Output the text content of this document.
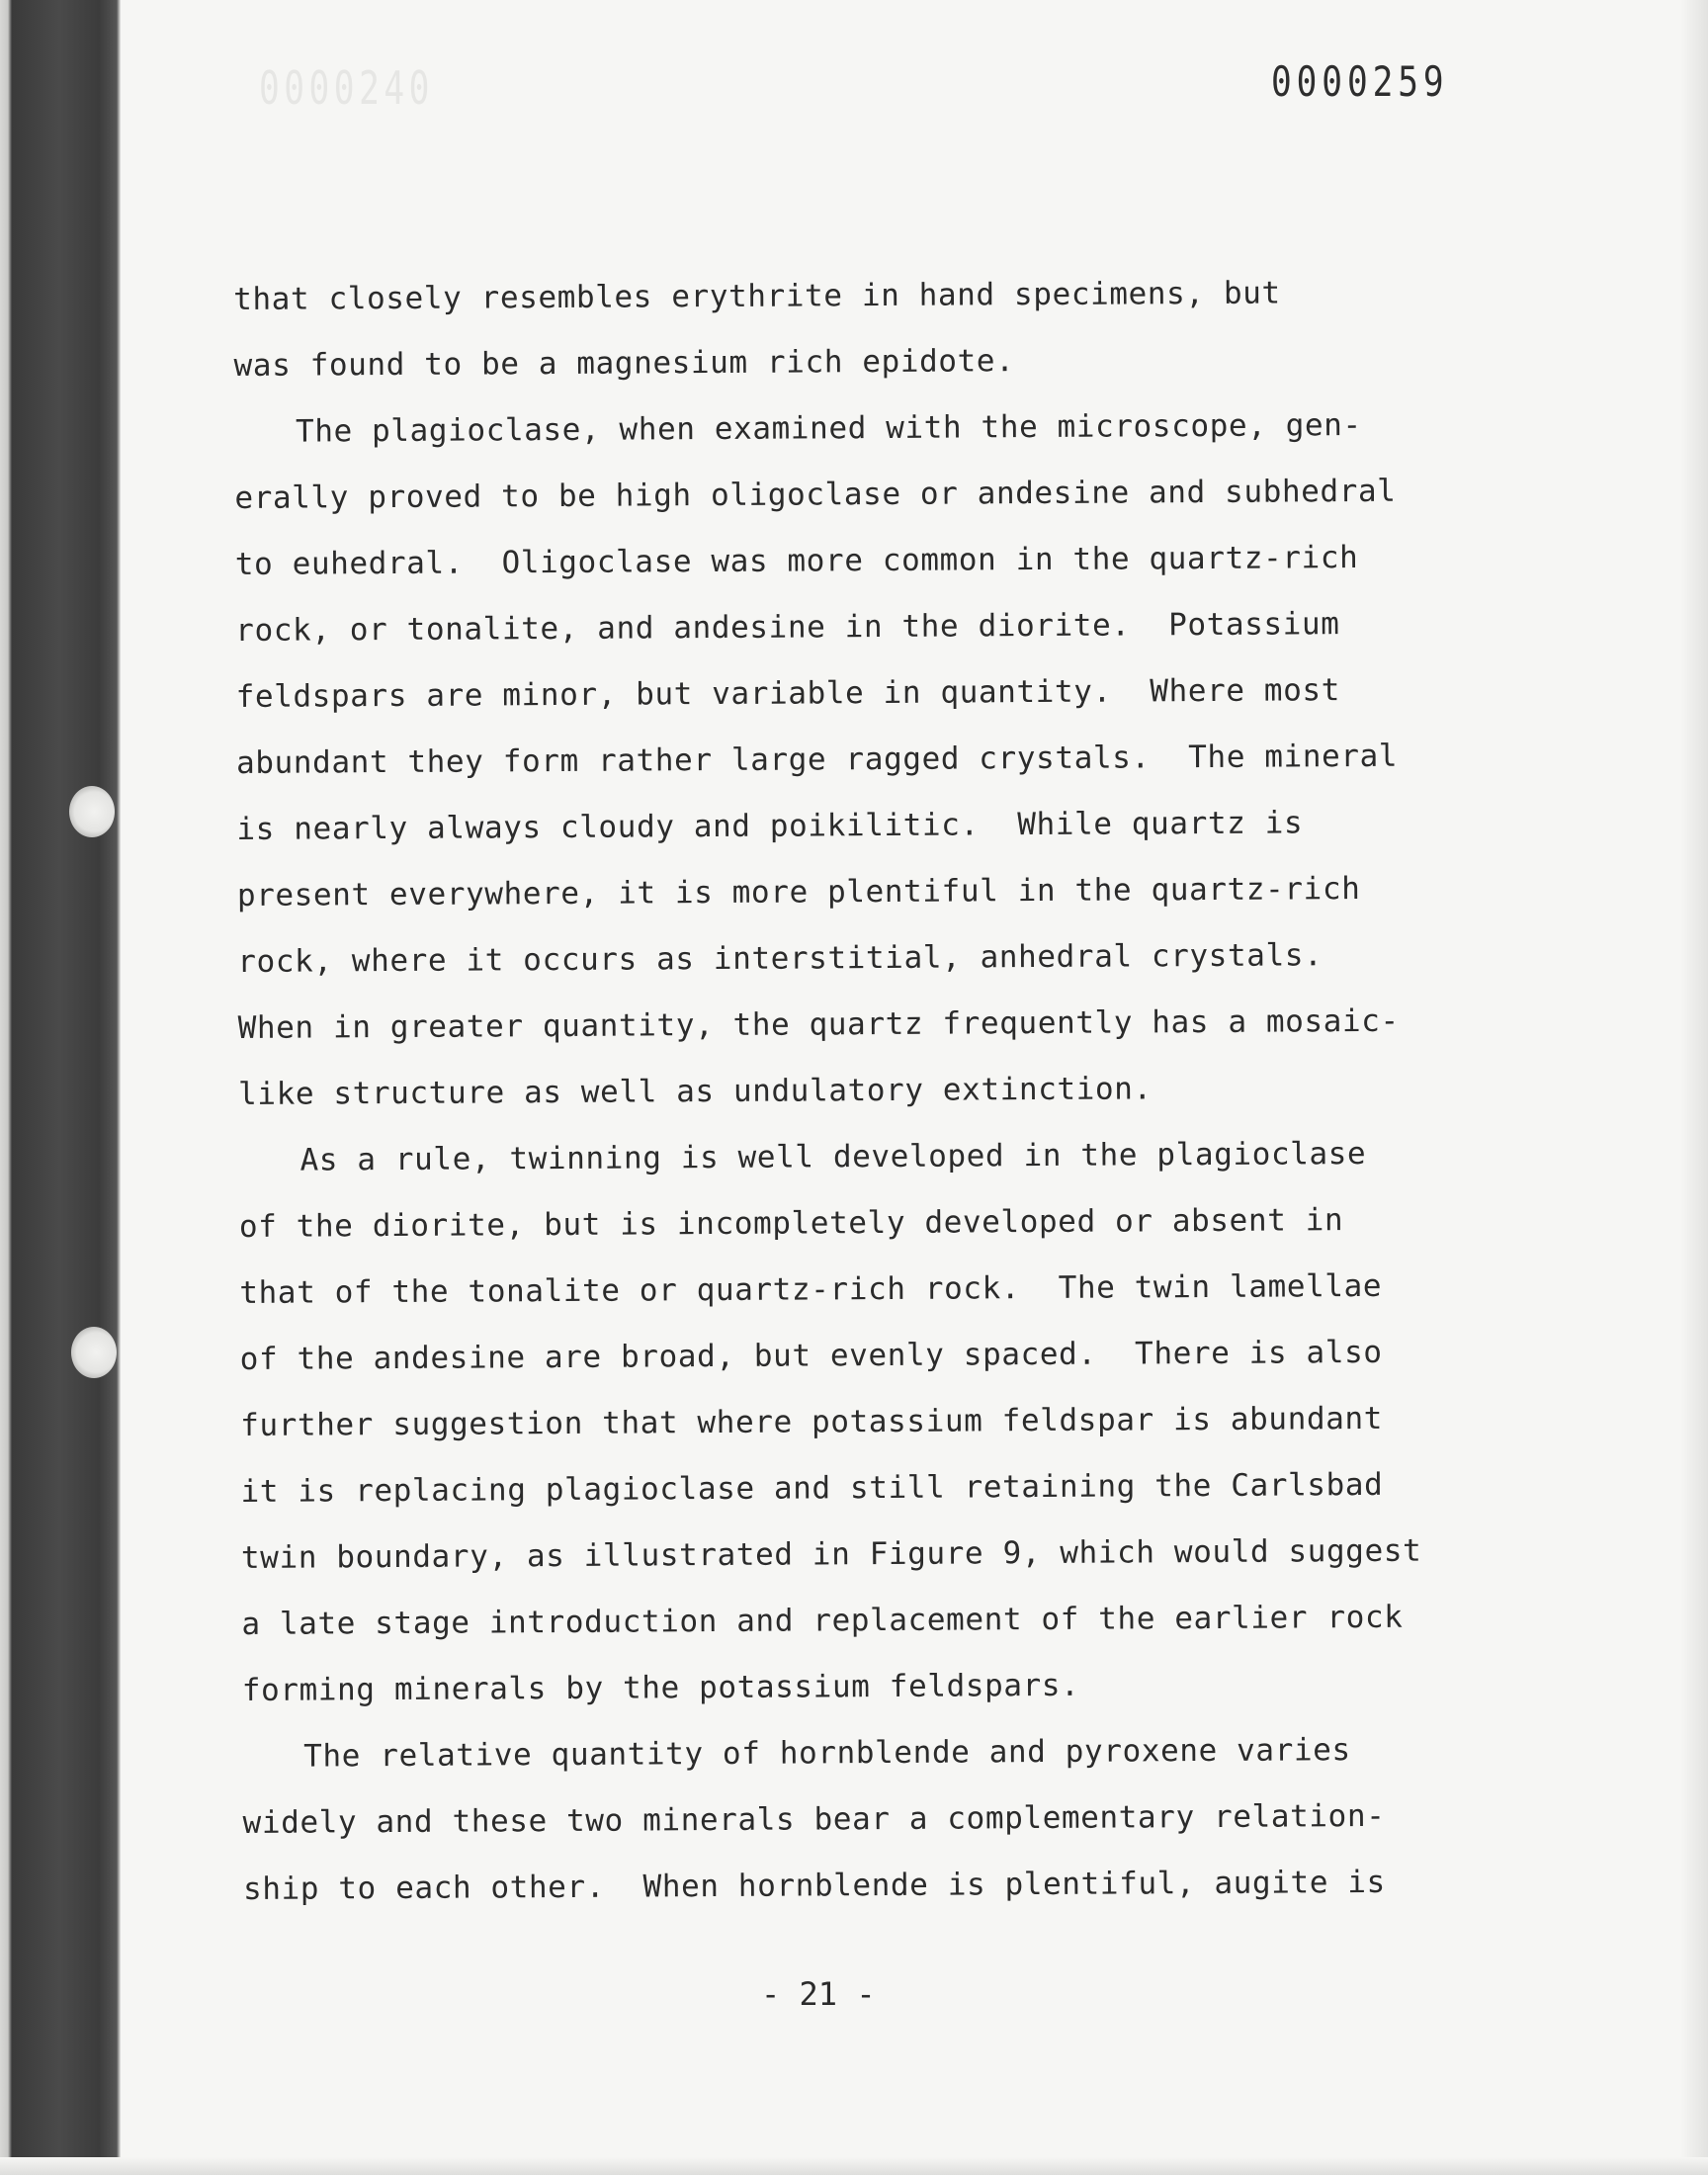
0000240	0000259
that closely resembles erythrite in hand specimens, but
was found to be a magnesium rich epidote.
The plagioclase, when examined with the microscope, gen-
erally proved to be high oligoclase or andesine and subhedral
to euhedral.  Oligoclase was more common in the quartz-rich
rock, or tonalite, and andesine in the diorite.  Potassium
feldspars are minor, but variable in quantity.  Where most
abundant they form rather large ragged crystals.  The mineral
is nearly always cloudy and poikilitic.  While quartz is
present everywhere, it is more plentiful in the quartz-rich
rock, where it occurs as interstitial, anhedral crystals.
When in greater quantity, the quartz frequently has a mosaic-
like structure as well as undulatory extinction.
As a rule, twinning is well developed in the plagioclase
of the diorite, but is incompletely developed or absent in
that of the tonalite or quartz-rich rock.  The twin lamellae
of the andesine are broad, but evenly spaced.  There is also
further suggestion that where potassium feldspar is abundant
it is replacing plagioclase and still retaining the Carlsbad
twin boundary, as illustrated in Figure 9, which would suggest
a late stage introduction and replacement of the earlier rock
forming minerals by the potassium feldspars.
The relative quantity of hornblende and pyroxene varies
widely and these two minerals bear a complementary relation-
ship to each other.  When hornblende is plentiful, augite is
- 21 -
